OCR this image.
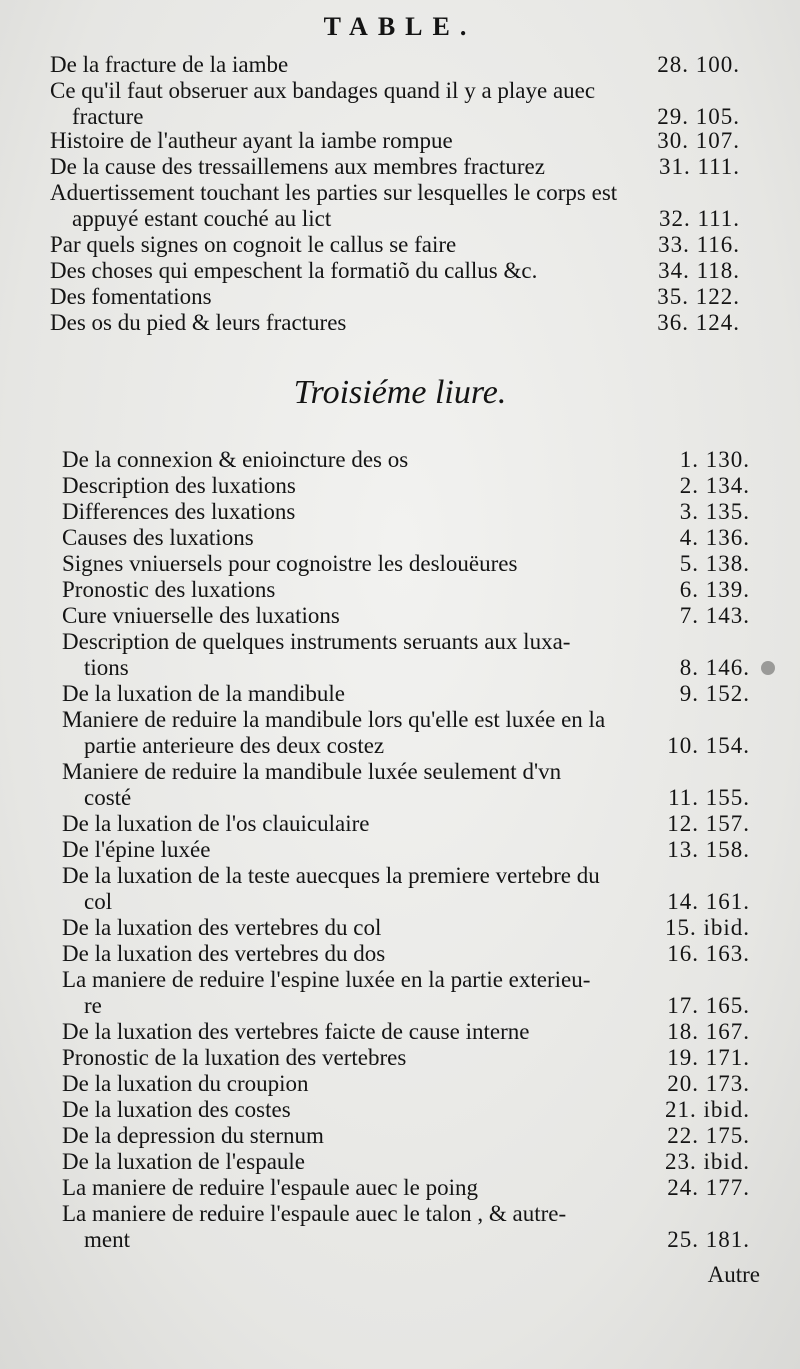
TABLE.
De la fracture de la iambe	28. 100.
Ce qu'il faut obseruer aux bandages quand il y a playe auec
fracture	29. 105.
Histoire de l'autheur ayant la iambe rompue	30. 107.
De la cause des tressaillemens aux membres fracturez	31. 111.
Aduertissement touchant les parties sur lesquelles le corps est
appuyé estant couché au lict	32. 111.
Par quels signes on cognoit le callus se faire	33. 116.
Des choses qui empeschent la formatiõ du callus &c.	34. 118.
Des fomentations	35. 122.
Des os du pied & leurs fractures	36. 124.
De la connexion & enioincture des os	1. 130.
Description des luxations	2. 134.
Differences des luxations	3. 135.
Causes des luxations	4. 136.
Signes vniuersels pour cognoistre les deslouëures	5. 138.
Pronostic des luxations	6. 139.
Cure vniuerselle des luxations	7. 143.
Description de quelques instruments seruants aux luxa-
tions	8. 146.
De la luxation de la mandibule	9. 152.
Maniere de reduire la mandibule lors qu'elle est luxée en la
partie anterieure des deux costez	10. 154.
Maniere de reduire la mandibule luxée seulement d'vn
costé	11. 155.
De la luxation de l'os clauiculaire	12. 157.
De l'épine luxée	13. 158.
De la luxation de la teste auecques la premiere vertebre du
col	14. 161.
De la luxation des vertebres du col	15. ibid.
De la luxation des vertebres du dos	16. 163.
La maniere de reduire l'espine luxée en la partie exterieu-
re	17. 165.
De la luxation des vertebres faicte de cause interne	18. 167.
Pronostic de la luxation des vertebres	19. 171.
De la luxation du croupion	20. 173.
De la luxation des costes	21. ibid.
De la depression du sternum	22. 175.
De la luxation de l'espaule	23. ibid.
La maniere de reduire l'espaule auec le poing	24. 177.
La maniere de reduire l'espaule auec le talon , & autre-
ment	25. 181.
Troisiéme liure.
Autre
